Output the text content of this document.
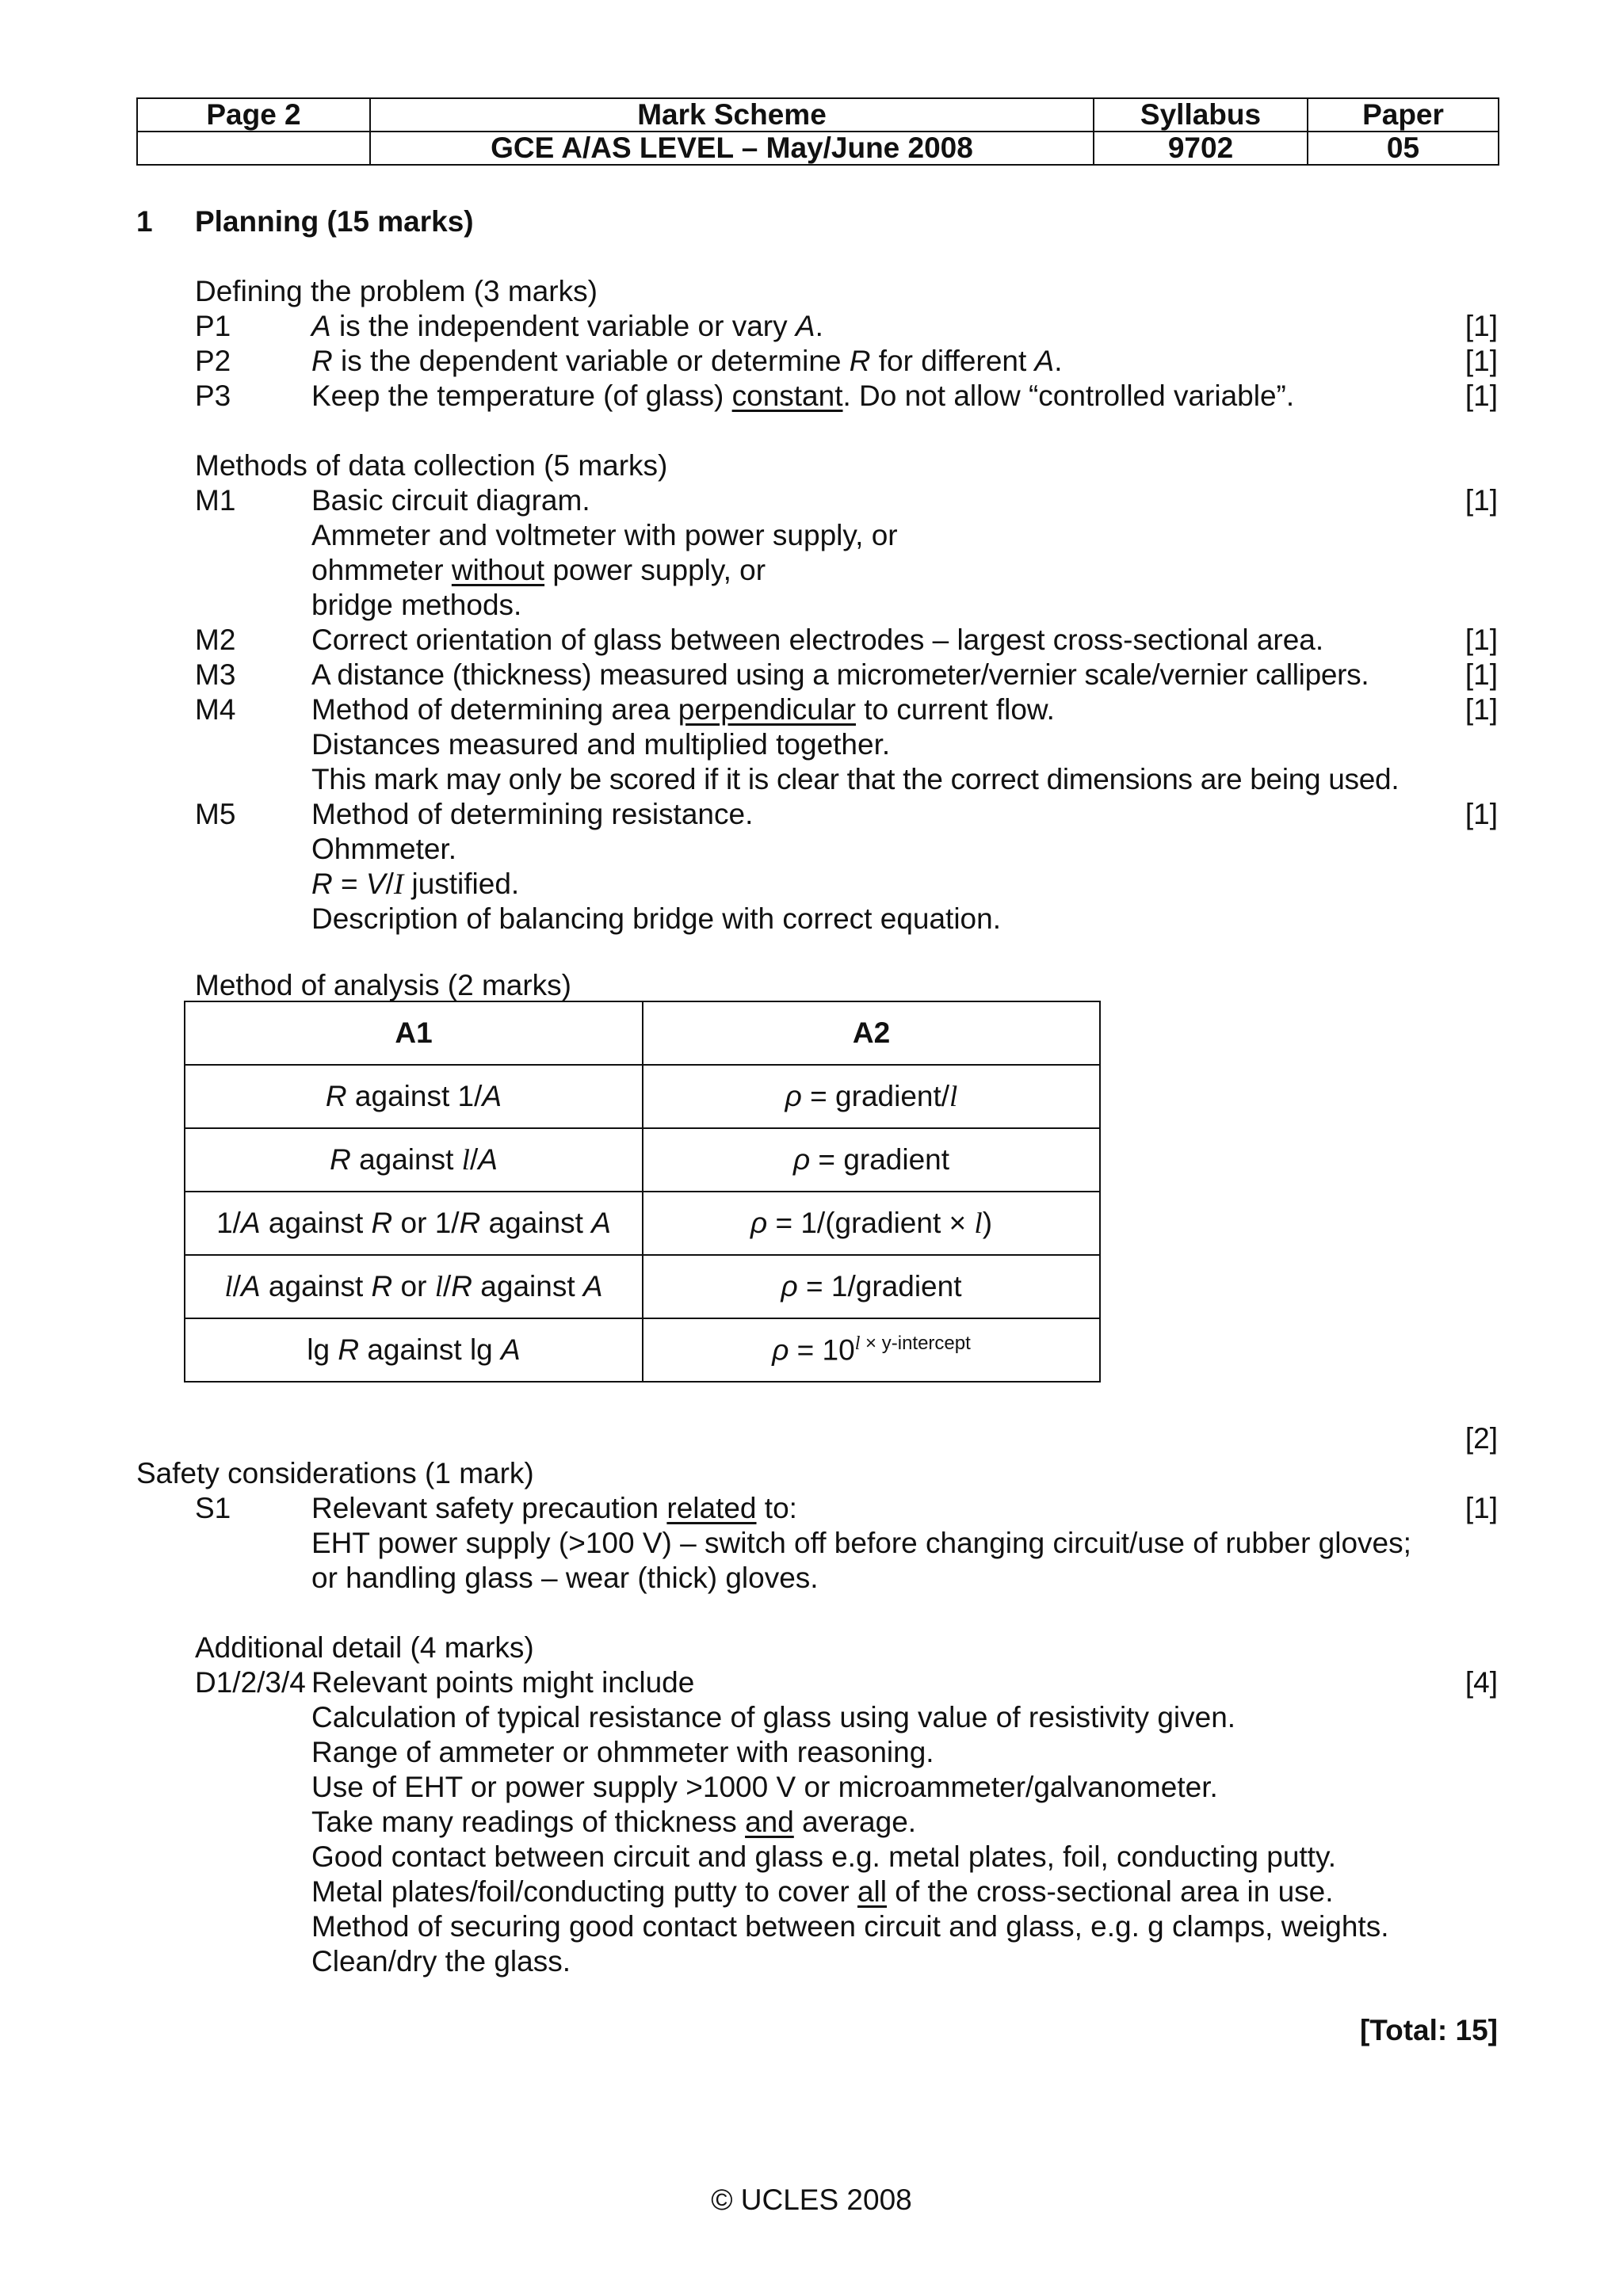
Page 2	Mark Scheme	Syllabus	Paper
	GCE A/AS LEVEL – May/June 2008	9702	05
1 Planning (15 marks)
Defining the problem (3 marks)
P1	A is the independent variable or vary A.	[1]
P2	R is the dependent variable or determine R for different A.	[1]
P3	Keep the temperature (of glass) constant. Do not allow “controlled variable”.	[1]
Methods of data collection (5 marks)
M1	Basic circuit diagram.	[1]
Ammeter and voltmeter with power supply, or
ohmmeter without power supply, or
bridge methods.
M2	Correct orientation of glass between electrodes – largest cross-sectional area.	[1]
M3	A distance (thickness) measured using a micrometer/vernier scale/vernier callipers.	[1]
M4	Method of determining area perpendicular to current flow.	[1]
Distances measured and multiplied together.
This mark may only be scored if it is clear that the correct dimensions are being used.
M5	Method of determining resistance.	[1]
Ohmmeter.
R = V/I justified.
Description of balancing bridge with correct equation.
Method of analysis (2 marks)
A1	A2
R against 1/A	ρ = gradient/l
R against l/A	ρ = gradient
1/A against R or 1/R against A	ρ = 1/(gradient × l)
l/A against R or l/R against A	ρ = 1/gradient
lg R against lg A	$\rho = 10^{l \times y-intercept}$
[2]
Safety considerations (1 mark)
S1	Relevant safety precaution related to:	[1]
EHT power supply (>100 V) – switch off before changing circuit/use of rubber gloves;
or handling glass – wear (thick) gloves.
Additional detail (4 marks)
D1/2/3/4 Relevant points might include	[4]
Calculation of typical resistance of glass using value of resistivity given.
Range of ammeter or ohmmeter with reasoning.
Use of EHT or power supply >1000 V or microammeter/galvanometer.
Take many readings of thickness and average.
Good contact between circuit and glass e.g. metal plates, foil, conducting putty.
Metal plates/foil/conducting putty to cover all of the cross-sectional area in use.
Method of securing good contact between circuit and glass, e.g. g clamps, weights.
Clean/dry the glass.
[Total: 15]
© UCLES 2008
